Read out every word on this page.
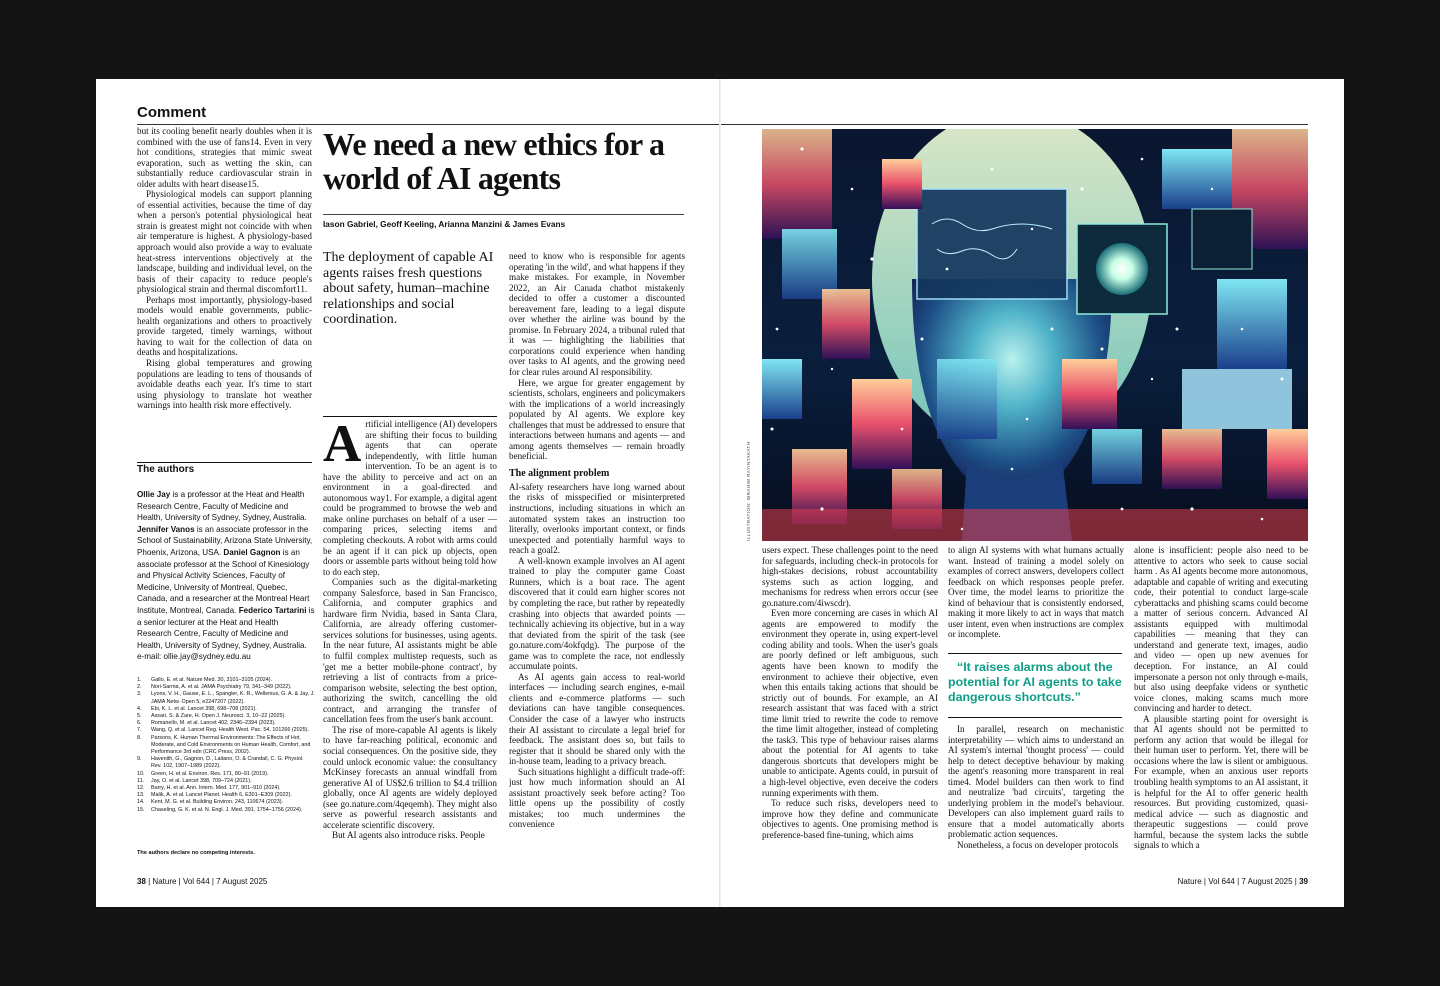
Comment

but its cooling benefit nearly doubles when it is combined with the use of fans14. Even in very hot conditions, strategies that mimic sweat evaporation, such as wetting the skin, can substantially reduce cardiovascular strain in older adults with heart disease15.

Physiological models can support planning of essential activities, because the time of day when a person's potential physiological heat strain is greatest might not coincide with when air temperature is highest. A physiology-based approach would also provide a way to evaluate heat-stress interventions objectively at the landscape, building and individual level, on the basis of their capacity to reduce people's physiological strain and thermal discomfort11.

Perhaps most importantly, physiology-based models would enable governments, public-health organizations and others to proactively provide targeted, timely warnings, without having to wait for the collection of data on deaths and hospitalizations.

Rising global temperatures and growing populations are leading to tens of thousands of avoidable deaths each year. It's time to start using physiology to translate hot weather warnings into health risk more effectively.

The authors
Ollie Jay is a professor at the Heat and Health Research Centre, Faculty of Medicine and Health, University of Sydney, Sydney, Australia. Jennifer Vanos is an associate professor in the School of Sustainability, Arizona State University, Phoenix, Arizona, USA. Daniel Gagnon is an associate professor at the School of Kinesiology and Physical Activity Sciences, Faculty of Medicine, University of Montreal, Quebec, Canada, and a researcher at the Montreal Heart Institute, Montreal, Canada. Federico Tartarini is a senior lecturer at the Heat and Health Research Centre, Faculty of Medicine and Health, University of Sydney, Sydney, Australia.
e-mail: ollie.jay@sydney.edu.au
1. Gallo, E. et al. Nature Med. 30, 3101–3105 (2024).
2. Nori-Sarma, A. et al. JAMA Psychiatry 79, 341–349 (2022).
3. Lyons, V. H., Gause, E. L., Spangler, K. R., Wellenius, G. A. & Jay, J. JAMA Netw. Open 5, e2247207 (2022).
4. Ebi, K. L. et al. Lancet 398, 698–708 (2021).
5. Assari, S. & Zare, H. Open J. Neurosci. 3, 10–22 (2025).
6. Romanello, M. et al. Lancet 402, 2346–2394 (2023).
7. Wang, Q. et al. Lancet Reg. Health West. Pac. 54, 101266 (2025).
8. Parsons, K. Human Thermal Environments: The Effects of Hot, Moderate, and Cold Environments on Human Health, Comfort, and Performance 3rd edn (CRC Press, 2002).
9. Havenith, G., Gagnon, D., Laitano, O. & Crandall, C. G. Physiol. Rev. 102, 1907–1989 (2022).
10. Green, H. et al. Environ. Res. 171, 80–91 (2019).
11. Jay, O. et al. Lancet 398, 709–724 (2021).
12. Barry, H. et al. Ann. Intern. Med. 177, 901–910 (2024).
13. Malik, A. et al. Lancet Planet. Health 6, E301–E309 (2022).
14. Kent, M. G. et al. Building Environ. 243, 110674 (2023).
15. Chaseling, G. K. et al. N. Engl. J. Med. 391, 1754–1756 (2024).
The authors declare no competing interests.
We need a new ethics for a world of AI agents
Iason Gabriel, Geoff Keeling, Arianna Manzini & James Evans
The deployment of capable AI agents raises fresh questions about safety, human–machine relationships and social coordination.

Artificial intelligence (AI) developers are shifting their focus to building agents that can operate independently, with little human intervention. To be an agent is to have the ability to perceive and act on an environment in a goal-directed and autonomous way1. For example, a digital agent could be programmed to browse the web and make online purchases on behalf of a user — comparing prices, selecting items and completing checkouts. A robot with arms could be an agent if it can pick up objects, open doors or assemble parts without being told how to do each step.

Companies such as the digital-marketing company Salesforce, based in San Francisco, California, and computer graphics and hardware firm Nvidia, based in Santa Clara, California, are already offering customer-services solutions for businesses, using agents. In the near future, AI assistants might be able to fulfil complex multistep requests, such as 'get me a better mobile-phone contract', by retrieving a list of contracts from a price-comparison website, selecting the best option, authorizing the switch, cancelling the old contract, and arranging the transfer of cancellation fees from the user's bank account.

The rise of more-capable AI agents is likely to have far-reaching political, economic and social consequences. On the positive side, they could unlock economic value: the consultancy McKinsey forecasts an annual windfall from generative AI of US$2.6 trillion to $4.4 trillion globally, once AI agents are widely deployed (see go.nature.com/4qeqemh). They might also serve as powerful research assistants and accelerate scientific discovery.

But AI agents also introduce risks. People

need to know who is responsible for agents operating 'in the wild', and what happens if they make mistakes. For example, in November 2022, an Air Canada chatbot mistakenly decided to offer a customer a discounted bereavement fare, leading to a legal dispute over whether the airline was bound by the promise. In February 2024, a tribunal ruled that it was — highlighting the liabilities that corporations could experience when handing over tasks to AI agents, and the growing need for clear rules around AI responsibility.

Here, we argue for greater engagement by scientists, scholars, engineers and policymakers with the implications of a world increasingly populated by AI agents. We explore key challenges that must be addressed to ensure that interactions between humans and agents — and among agents themselves — remain broadly beneficial.

The alignment problem

AI-safety researchers have long warned about the risks of misspecified or misinterpreted instructions, including situations in which an automated system takes an instruction too literally, overlooks important context, or finds unexpected and potentially harmful ways to reach a goal2.

A well-known example involves an AI agent trained to play the computer game Coast Runners, which is a boat race. The agent discovered that it could earn higher scores not by completing the race, but rather by repeatedly crashing into objects that awarded points — technically achieving its objective, but in a way that deviated from the spirit of the task (see go.nature.com/4okfqdg). The purpose of the game was to complete the race, not endlessly accumulate points.

As AI agents gain access to real-world interfaces — including search engines, e-mail clients and e-commerce platforms — such deviations can have tangible consequences. Consider the case of a lawyer who instructs their AI assistant to circulate a legal brief for feedback. The assistant does so, but fails to register that it should be shared only with the in-house team, leading to a privacy breach.

Such situations highlight a difficult trade-off: just how much information should an AI assistant proactively seek before acting? Too little opens up the possibility of costly mistakes; too much undermines the convenience

38 | Nature | Vol 644 | 7 August 2025
ILLUSTRATION: IBRAHIM RAYINTAKATH

users expect. These challenges point to the need for safeguards, including check-in protocols for high-stakes decisions, robust accountability systems such as action logging, and mechanisms for redress when errors occur (see go.nature.com/4iwscdr).

Even more concerning are cases in which AI agents are empowered to modify the environment they operate in, using expert-level coding ability and tools. When the user's goals are poorly defined or left ambiguous, such agents have been known to modify the environment to achieve their objective, even when this entails taking actions that should be strictly out of bounds. For example, an AI research assistant that was faced with a strict time limit tried to rewrite the code to remove the time limit altogether, instead of completing the task3. This type of behaviour raises alarms about the potential for AI agents to take dangerous shortcuts that developers might be unable to anticipate. Agents could, in pursuit of a high-level objective, even deceive the coders running experiments with them.

To reduce such risks, developers need to improve how they define and communicate objectives to agents. One promising method is preference-based fine-tuning, which aims

to align AI systems with what humans actually want. Instead of training a model solely on examples of correct answers, developers collect feedback on which responses people prefer. Over time, the model learns to prioritize the kind of behaviour that is consistently endorsed, making it more likely to act in ways that match user intent, even when instructions are complex or incomplete.

“It raises alarms about the potential for AI agents to take dangerous shortcuts.”

In parallel, research on mechanistic interpretability — which aims to understand an AI system's internal 'thought process' — could help to detect deceptive behaviour by making the agent's reasoning more transparent in real time4. Model builders can then work to find and neutralize 'bad circuits', targeting the underlying problem in the model's behaviour. Developers can also implement guard rails to ensure that a model automatically aborts problematic action sequences.

Nonetheless, a focus on developer protocols

alone is insufficient: people also need to be attentive to actors who seek to cause social harm . As AI agents become more autonomous, adaptable and capable of writing and executing code, their potential to conduct large-scale cyberattacks and phishing scams could become a matter of serious concern. Advanced AI assistants equipped with multimodal capabilities — meaning that they can understand and generate text, images, audio and video — open up new avenues for deception. For instance, an AI could impersonate a person not only through e-mails, but also using deepfake videos or synthetic voice clones, making scams much more convincing and harder to detect.

A plausible starting point for oversight is that AI agents should not be permitted to perform any action that would be illegal for their human user to perform. Yet, there will be occasions where the law is silent or ambiguous. For example, when an anxious user reports troubling health symptoms to an AI assistant, it is helpful for the AI to offer generic health resources. But providing customized, quasi-medical advice — such as diagnostic and therapeutic suggestions — could prove harmful, because the system lacks the subtle signals to which a

Nature | Vol 644 | 7 August 2025 | 39
